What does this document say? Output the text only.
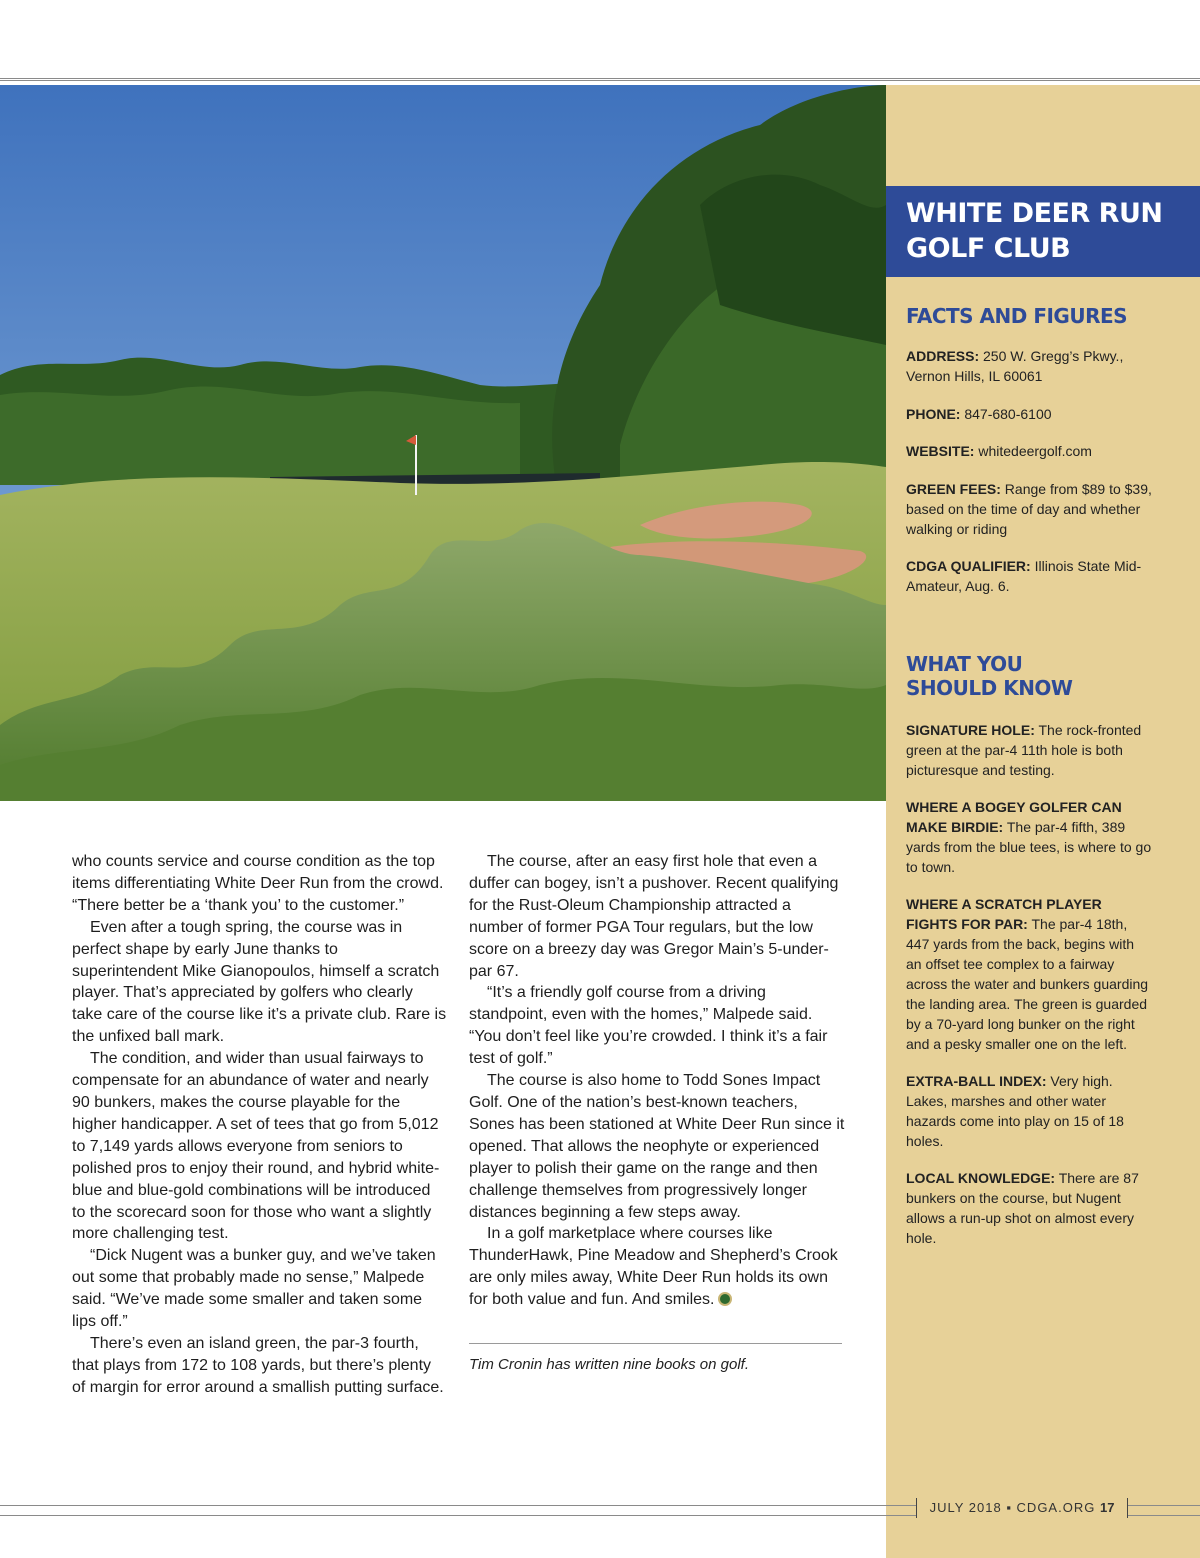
WHITE DEER RUN GOLF CLUB
FACTS AND FIGURES

ADDRESS: 250 W. Gregg’s Pkwy., Vernon Hills, IL 60061

PHONE: 847-680-6100

WEBSITE: whitedeergolf.com

GREEN FEES: Range from $89 to $39, based on the time of day and whether walking or riding

CDGA QUALIFIER: Illinois State Mid-Amateur, Aug. 6.

WHAT YOU SHOULD KNOW

SIGNATURE HOLE: The rock-fronted green at the par-4 11th hole is both picturesque and testing.

WHERE A BOGEY GOLFER CAN MAKE BIRDIE: The par-4 fifth, 389 yards from the blue tees, is where to go to town.

WHERE A SCRATCH PLAYER FIGHTS FOR PAR: The par-4 18th, 447 yards from the back, begins with an offset tee complex to a fairway across the water and bunkers guarding the landing area. The green is guarded by a 70-yard long bunker on the right and a pesky smaller one on the left.

EXTRA-BALL INDEX: Very high. Lakes, marshes and other water hazards come into play on 15 of 18 holes.

LOCAL KNOWLEDGE: There are 87 bunkers on the course, but Nugent allows a run-up shot on almost every hole.

who counts service and course condition as the top items differentiating White Deer Run from the crowd. “There better be a ‘thank you’ to the customer.”

Even after a tough spring, the course was in perfect shape by early June thanks to superintendent Mike Gianopoulos, himself a scratch player. That’s appreciated by golfers who clearly take care of the course like it’s a private club. Rare is the unfixed ball mark.

The condition, and wider than usual fairways to compensate for an abundance of water and nearly 90 bunkers, makes the course playable for the higher handicapper. A set of tees that go from 5,012 to 7,149 yards allows everyone from seniors to polished pros to enjoy their round, and hybrid white-blue and blue-gold combinations will be introduced to the scorecard soon for those who want a slightly more challenging test.

“Dick Nugent was a bunker guy, and we’ve taken out some that probably made no sense,” Malpede said. “We’ve made some smaller and taken some lips off.”

There’s even an island green, the par-3 fourth, that plays from 172 to 108 yards, but there’s plenty of margin for error around a smallish putting surface.

The course, after an easy first hole that even a duffer can bogey, isn’t a pushover. Recent qualifying for the Rust-Oleum Championship attracted a number of former PGA Tour regulars, but the low score on a breezy day was Gregor Main’s 5-under-par 67.

“It’s a friendly golf course from a driving standpoint, even with the homes,” Malpede said. “You don’t feel like you’re crowded. I think it’s a fair test of golf.”

The course is also home to Todd Sones Impact Golf. One of the nation’s best-known teachers, Sones has been stationed at White Deer Run since it opened. That allows the neophyte or experienced player to polish their game on the range and then challenge themselves from progressively longer distances beginning a few steps away.

In a golf marketplace where courses like ThunderHawk, Pine Meadow and Shepherd’s Crook are only miles away, White Deer Run holds its own for both value and fun. And smiles.

Tim Cronin has written nine books on golf.

JULY 2018 ▪ CDGA.ORG 17
